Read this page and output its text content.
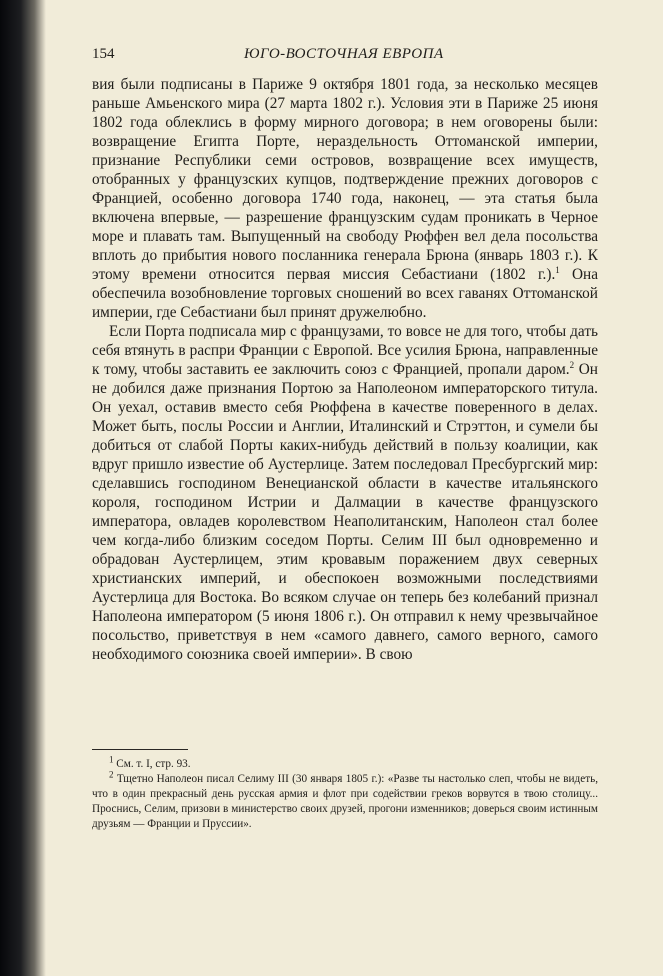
154	ЮГО-ВОСТОЧНАЯ ЕВРОПА

вия были подписаны в Париже 9 октября 1801 года, за несколько месяцев раньше Амьенского мира (27 марта 1802 г.). Условия эти в Париже 25 июня 1802 года облеклись в форму мирного договора; в нем оговорены были: возвращение Египта Порте, нераздельность Оттоманской империи, признание Республики семи островов, возвращение всех имуществ, отобранных у французских купцов, подтверждение прежних договоров с Францией, особенно договора 1740 года, наконец, — эта статья была включена впервые, — разрешение французским судам проникать в Черное море и плавать там. Выпущенный на свободу Рюффен вел дела посольства вплоть до прибытия нового посланника генерала Брюна (январь 1803 г.). К этому времени относится первая миссия Себастиани (1802 г.).$^1$ Она обеспечила возобновление торговых сношений во всех гаванях Оттоманской империи, где Себастиани был принят дружелюбно.

Если Порта подписала мир с французами, то вовсе не для того, чтобы дать себя втянуть в распри Франции с Европой. Все усилия Брюна, направленные к тому, чтобы заставить ее заключить союз с Францией, пропали даром.$^2$ Он не добился даже признания Портою за Наполеоном императорского титула. Он уехал, оставив вместо себя Рюффена в качестве поверенного в делах. Может быть, послы России и Англии, Италинский и Стрэттон, и сумели бы добиться от слабой Порты каких-нибудь действий в пользу коалиции, как вдруг пришло известие об Аустерлице. Затем последовал Пресбургский мир: сделавшись господином Венецианской области в качестве итальянского короля, господином Истрии и Далмации в качестве французского императора, овладев королевством Неаполитанским, Наполеон стал более чем когда-либо близким соседом Порты. Селим III был одновременно и обрадован Аустерлицем, этим кровавым поражением двух северных христианских империй, и обеспокоен возможными последствиями Аустерлица для Востока. Во всяком случае он теперь без колебаний признал Наполеона императором (5 июня 1806 г.). Он отправил к нему чрезвычайное посольство, приветствуя в нем «самого давнего, самого верного, самого необходимого союзника своей империи». В свою

$^1$ См. т. I, стр. 93.

$^2$ Тщетно Наполеон писал Селиму III (30 января 1805 г.): «Разве ты настолько слеп, чтобы не видеть, что в один прекрасный день русская армия и флот при содействии греков ворвутся в твою столицу... Проснись, Селим, призови в министерство своих друзей, прогони изменников; доверься своим истинным друзьям — Франции и Пруссии».
